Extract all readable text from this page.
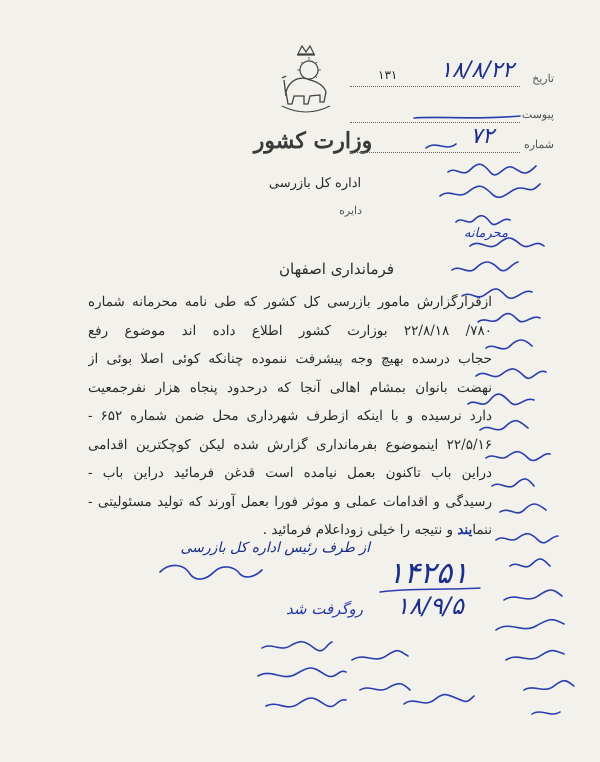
وزارت کشور
اداره کل بازرسی
دایره
۱۳۱	تاریخ
۱۸/۸/۲۲
پیوست
شماره
۷۲
فرمانداری اصفهان

ازقرارگزارش مامور بازرسی کل کشور که طی نامه محرمانه شماره

۷۸۰/ ۲۲/۸/۱۸ بوزارت کشور اطلاع داده اند موضوع رفع

حجاب درسده بهیچ وجه پیشرفت ننموده چنانکه کوئی اصلا بوئی از

نهضت بانوان بمشام اهالی آنجا که درحدود پنجاه هزار نفرجمعیت

دارد نرسیده و با اینکه ازطرف شهرداری محل ضمن شماره ۶۵۲ -

۲۲/۵/۱۶ اینموضوع بفرمانداری گزارش شده لیکن کوچکترین اقدامی

دراین باب تاکنون بعمل نیامده است قدغن فرمائید دراین باب -

رسیدگی و اقدامات عملی و موثر فورا بعمل آورند که تولید مسئولیتی -

ننمایند و نتیجه را خیلی زوداعلام فرمائید .

از طرف رئیس اداره کل بازرسی
۱۴۲۵۱
۱۸/۹/۵
محرمانه
روگرفت شد
